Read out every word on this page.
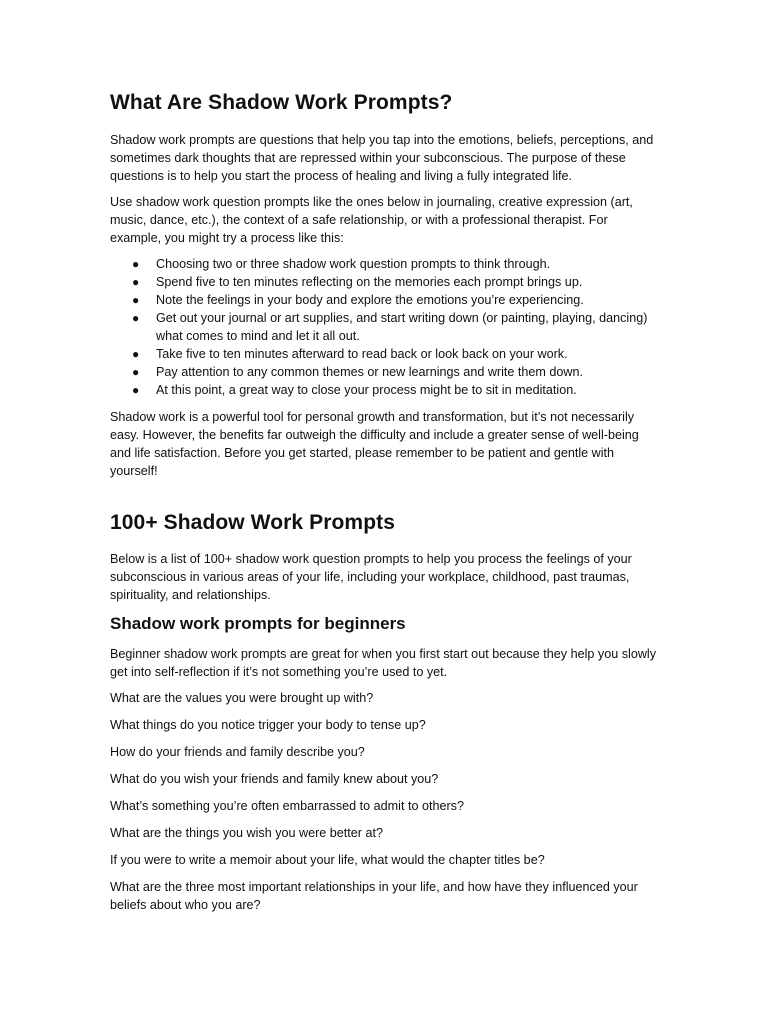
What Are Shadow Work Prompts?

Shadow work prompts are questions that help you tap into the emotions, beliefs, perceptions, and sometimes dark thoughts that are repressed within your subconscious. The purpose of these questions is to help you start the process of healing and living a fully integrated life.

Use shadow work question prompts like the ones below in journaling, creative expression (art, music, dance, etc.), the context of a safe relationship, or with a professional therapist. For example, you might try a process like this:

● Choosing two or three shadow work question prompts to think through.
● Spend five to ten minutes reflecting on the memories each prompt brings up.
● Note the feelings in your body and explore the emotions you’re experiencing.
● Get out your journal or art supplies, and start writing down (or painting, playing, dancing) what comes to mind and let it all out.
● Take five to ten minutes afterward to read back or look back on your work.
● Pay attention to any common themes or new learnings and write them down.
● At this point, a great way to close your process might be to sit in meditation.

Shadow work is a powerful tool for personal growth and transformation, but it’s not necessarily easy. However, the benefits far outweigh the difficulty and include a greater sense of well-being and life satisfaction. Before you get started, please remember to be patient and gentle with yourself!

100+ Shadow Work Prompts

Below is a list of 100+ shadow work question prompts to help you process the feelings of your subconscious in various areas of your life, including your workplace, childhood, past traumas, spirituality, and relationships.

Shadow work prompts for beginners

Beginner shadow work prompts are great for when you first start out because they help you slowly get into self-reflection if it’s not something you’re used to yet.

What are the values you were brought up with?

What things do you notice trigger your body to tense up?

How do your friends and family describe you?

What do you wish your friends and family knew about you?

What’s something you’re often embarrassed to admit to others?

What are the things you wish you were better at?

If you were to write a memoir about your life, what would the chapter titles be?

What are the three most important relationships in your life, and how have they influenced your beliefs about who you are?
